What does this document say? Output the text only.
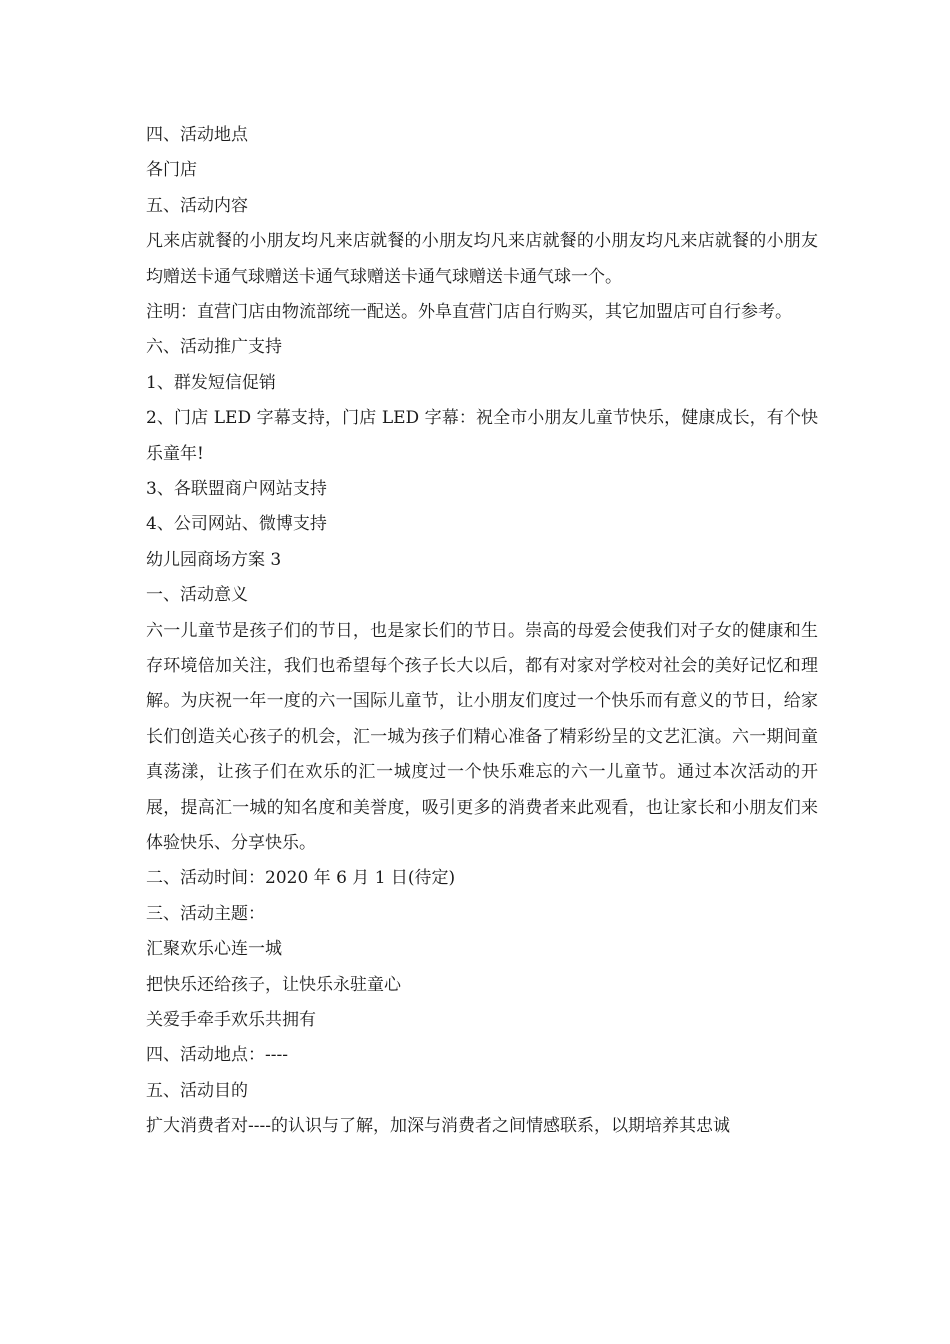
四、活动地点
各门店
五、活动内容
凡来店就餐的小朋友均凡来店就餐的小朋友均凡来店就餐的小朋友均凡来店就餐的小朋友均赠送卡通气球赠送卡通气球赠送卡通气球赠送卡通气球一个。
注明：直营门店由物流部统一配送。外阜直营门店自行购买，其它加盟店可自行参考。
六、活动推广支持
1、群发短信促销
2、门店 LED 字幕支持，门店 LED 字幕：祝全市小朋友儿童节快乐，健康成长，有个快乐童年!
3、各联盟商户网站支持
4、公司网站、微博支持
幼儿园商场方案 3
一、活动意义
六一儿童节是孩子们的节日，也是家长们的节日。崇高的母爱会使我们对子女的健康和生存环境倍加关注，我们也希望每个孩子长大以后，都有对家对学校对社会的美好记忆和理解。为庆祝一年一度的六一国际儿童节，让小朋友们度过一个快乐而有意义的节日，给家长们创造关心孩子的机会，汇一城为孩子们精心准备了精彩纷呈的文艺汇演。六一期间童真荡漾，让孩子们在欢乐的汇一城度过一个快乐难忘的六一儿童节。通过本次活动的开展，提高汇一城的知名度和美誉度，吸引更多的消费者来此观看，也让家长和小朋友们来体验快乐、分享快乐。
二、活动时间：2020 年 6 月 1 日(待定)
三、活动主题：
汇聚欢乐心连一城
把快乐还给孩子，让快乐永驻童心
关爱手牵手欢乐共拥有
四、活动地点：----
五、活动目的
扩大消费者对----的认识与了解，加深与消费者之间情感联系，以期培养其忠诚
